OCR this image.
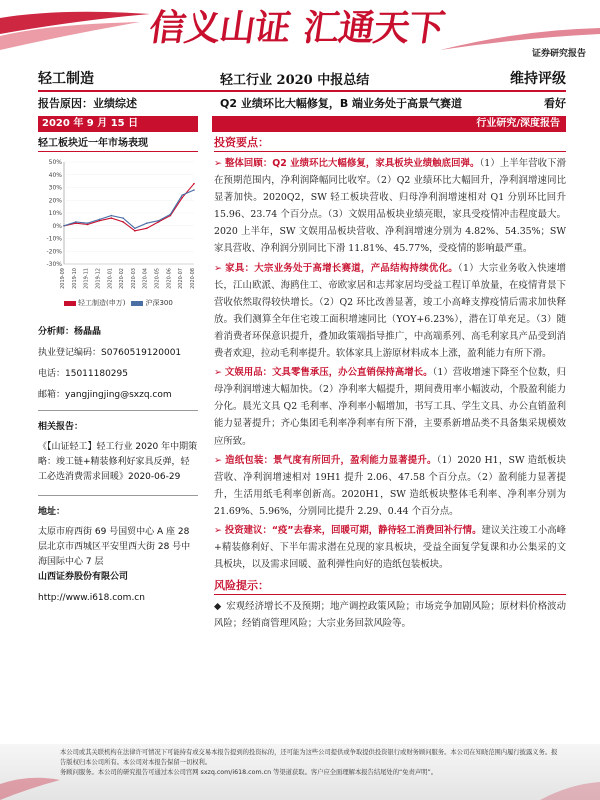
信义山证 汇通天下
证券研究报告
轻工制造	轻工行业 2020 中报总结	维持评级
报告原因：业绩综述	Q2 业绩环比大幅修复，B 端业务处于高景气赛道	看好
2020 年 9 月 15 日	行业研究/深度报告
轻工板块近一年市场表现
50%
40%
30%
20%
10%
0%
-10%
-20%
-30%
2019-09 2019-10 2019-11 2019-12 2020-01 2020-02 2020-03 2020-04 2020-05 2020-06 2020-07 2020-08
轻工制造(申万)	沪深300
分析师：杨晶晶
执业登记编码：S0760519120001
电话：15011180295
邮箱：yangjingjing@sxzq.com
相关报告：
《【山证轻工】轻工行业 2020 年中期策略：竣工链+精装修利好家具反弹，轻工必选消费需求回暖》2020-06-29
地址：
太原市府西街 69 号国贸中心 A 座 28 层北京市西城区平安里西大街 28 号中海国际中心 7 层
山西证券股份有限公司
http://www.i618.com.cn
投资要点：
➢ 整体回顾：Q2 业绩环比大幅修复，家具板块业绩触底回弹。（1）上半年营收下滑在预期范围内，净利润降幅同比收窄。（2）Q2 业绩环比大幅回升，净利润增速同比显著加快。2020Q2，SW 轻工板块营收、归母净利润增速相对 Q1 分别环比回升 15.96、23.74 个百分点。（3）文娱用品板块业绩亮眼，家具受疫情冲击程度最大。2020 上半年，SW 文娱用品板块营收、净利润增速分别为 4.82%、54.35%；SW 家具营收、净利润分别同比下滑 11.81%、45.77%，受疫情的影响最严重。
➢ 家具：大宗业务处于高增长赛道，产品结构持续优化。（1）大宗业务收入快速增长，江山欧派、海鸥住工、帝欧家居和志邦家居均受益工程订单放量，在疫情背景下营收依然取得较快增长。（2）Q2 环比改善显著，竣工小高峰支撑疫情后需求加快释放。我们测算全年住宅竣工面积增速同比（YOY+6.23%），潜在订单充足。（3）随着消费者环保意识提升，叠加政策端指导推广，中高端系列、高毛利家具产品受到消费者欢迎，拉动毛利率提升。软体家具上游原材料成本上涨，盈利能力有所下滑。
➢ 文娱用品：文具零售承压，办公直销保持高增长。（1）营收增速下降至个位数，归母净利润增速大幅加快。（2）净利率大幅提升，期间费用率小幅波动，个股盈利能力分化。晨光文具 Q2 毛利率、净利率小幅增加，书写工具、学生文具、办公直销盈利能力显著提升；齐心集团毛利率净利率有所下滑，主要系新增品类不具备集采规模效应所致。
➢ 造纸包装：景气度有所回升，盈利能力显著提升。（1）2020 H1，SW 造纸板块营收、净利润增速相对 19H1 提升 2.06、47.58 个百分点。（2）盈利能力显著提升，生活用纸毛利率创新高。2020H1，SW 造纸板块整体毛利率、净利率分别为 21.69%、5.96%，分别同比提升 2.29、0.44 个百分点。
➢ 投资建议：“疫”去春来，回暖可期，静待轻工消费回补行情。建议关注竣工小高峰+精装修利好、下半年需求潜在兑现的家具板块，受益全面复学复课和办公集采的文具板块，以及需求回暖、盈利弹性向好的造纸包装板块。
风险提示：
◆ 宏观经济增长不及预期；地产调控政策风险；市场竞争加剧风险；原材料价格波动风险；经销商管理风险；大宗业务回款风险等。
本公司或其关联机构在法律许可情况下可能持有或交易本报告提到的投资标的，还可能为这些公司提供或争取提供投资银行或财务顾问服务。本公司在知晓范围内履行披露义务。报告版权归本公司所有。本公司对本报告保留一切权利。
务顾问服务。本公司的研究报告可通过本公司官网 sxzq.com/i618.com.cn 等渠道获取。客户应全面理解本报告结尾处的“免责声明”。
